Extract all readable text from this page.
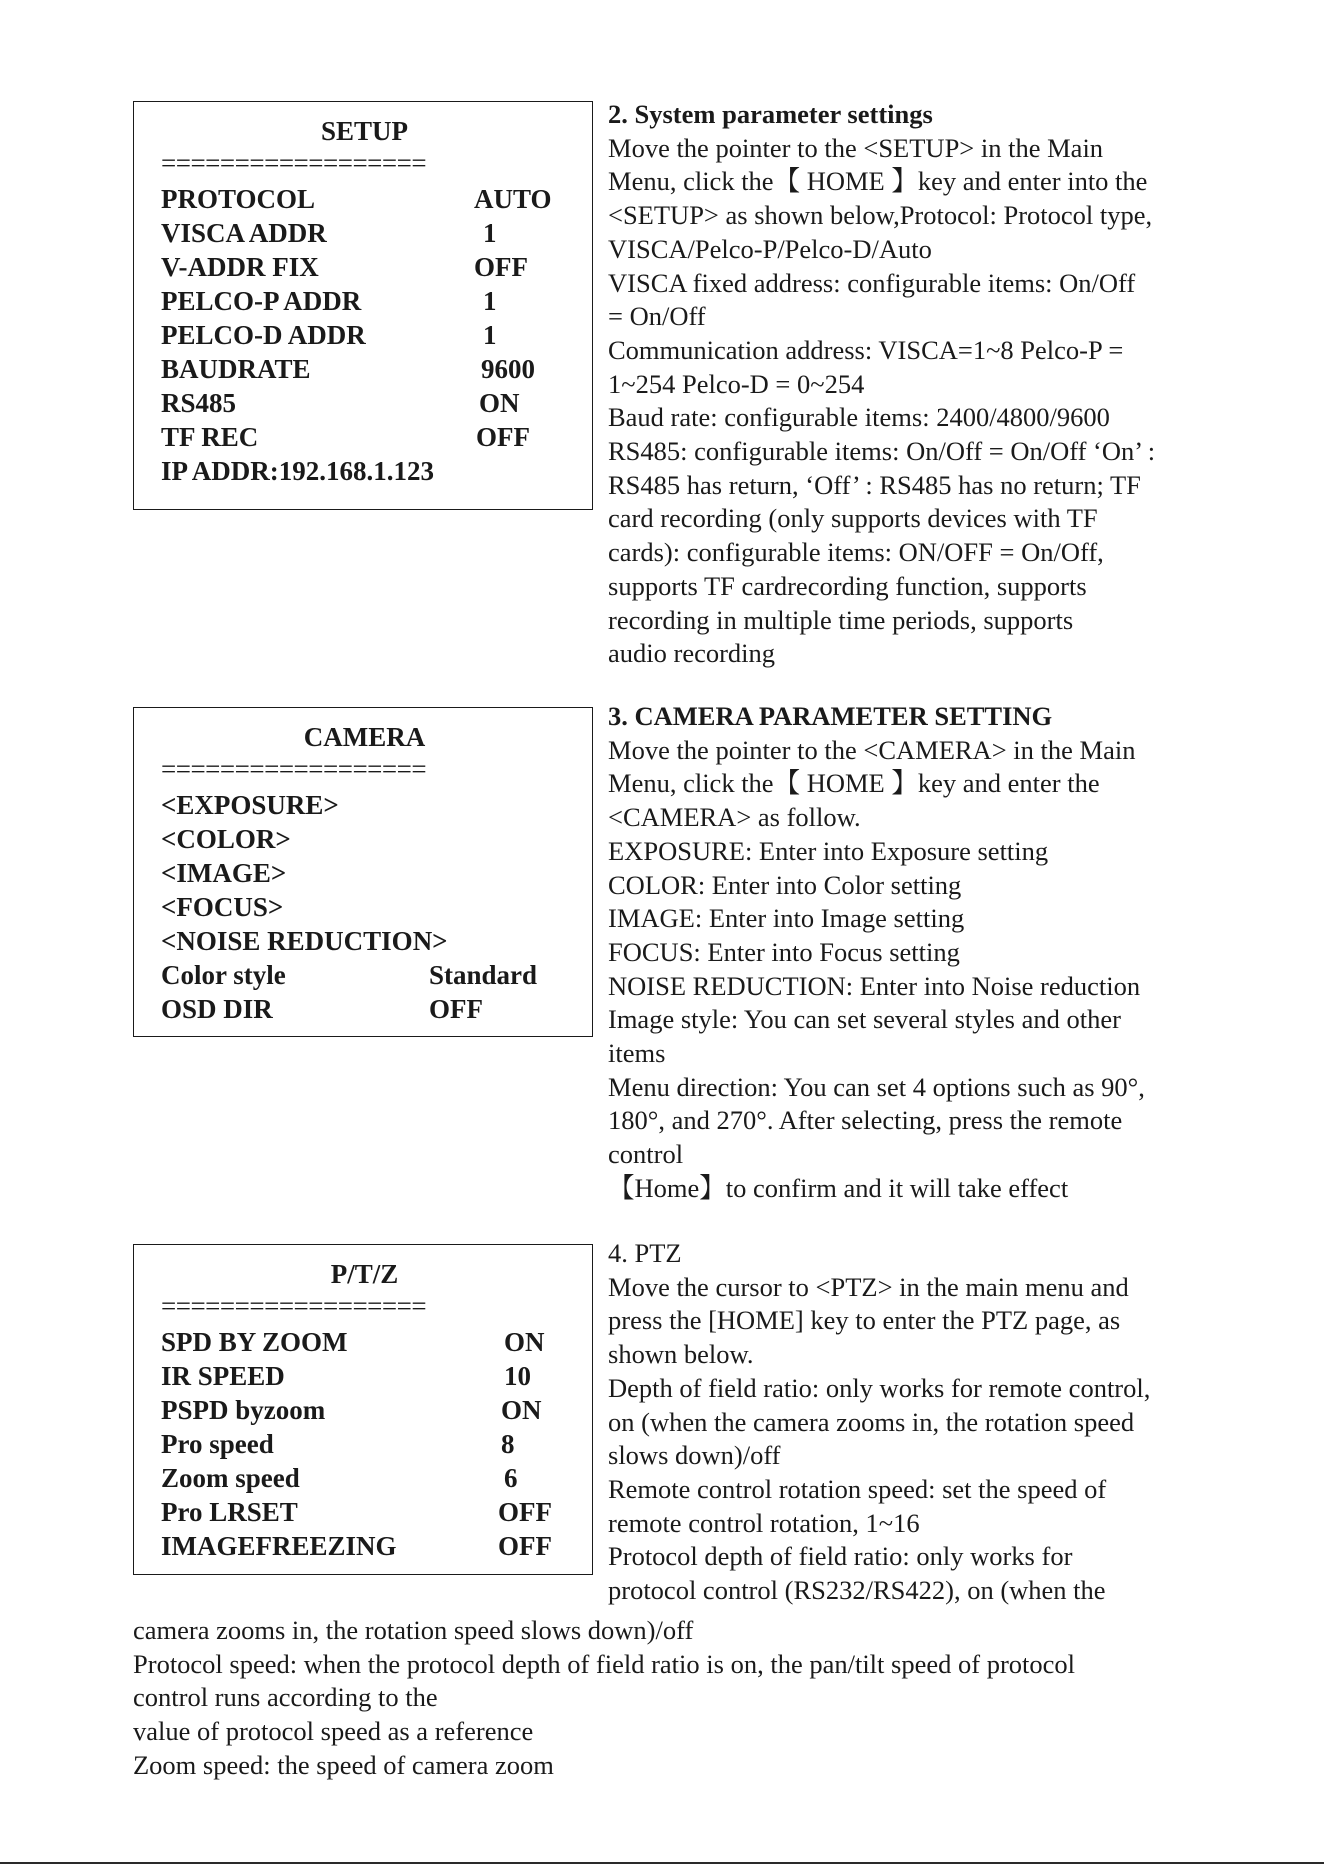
SETUP
==================
PROTOCOL	AUTO
VISCA ADDR	1
V-ADDR FIX	OFF
PELCO-P ADDR	1
PELCO-D ADDR	1
BAUDRATE	9600
RS485	ON
TF REC	OFF
IP ADDR:192.168.1.123
CAMERA
==================
<EXPOSURE>
<COLOR>
<IMAGE>
<FOCUS>
<NOISE REDUCTION>
Color style	Standard
OSD DIR	OFF
P/T/Z
==================
SPD BY ZOOM	ON
IR SPEED	10
PSPD byzoom	ON
Pro speed	8
Zoom speed	6
Pro LRSET	OFF
IMAGEFREEZING	OFF
2. System parameter settings
Move the pointer to the <SETUP> in the Main
Menu, click the【 HOME 】key and enter into the
<SETUP> as shown below,Protocol: Protocol type,
VISCA/Pelco-P/Pelco-D/Auto
VISCA fixed address: configurable items: On/Off
= On/Off
Communication address: VISCA=1~8 Pelco-P =
1~254 Pelco-D = 0~254
Baud rate: configurable items: 2400/4800/9600
RS485: configurable items: On/Off = On/Off ‘On’ :
RS485 has return, ‘Off’ : RS485 has no return; TF
card recording (only supports devices with TF
cards): configurable items: ON/OFF = On/Off,
supports TF cardrecording function, supports
recording in multiple time periods, supports
audio recording
3. CAMERA PARAMETER SETTING
Move the pointer to the <CAMERA> in the Main
Menu, click the【 HOME 】key and enter the
<CAMERA> as follow.
EXPOSURE: Enter into Exposure setting
COLOR: Enter into Color setting
IMAGE: Enter into Image setting
FOCUS: Enter into Focus setting
NOISE REDUCTION: Enter into Noise reduction
Image style: You can set several styles and other
items
Menu direction: You can set 4 options such as 90°,
180°, and 270°. After selecting, press the remote
control
【Home】to confirm and it will take effect
4. PTZ
Move the cursor to <PTZ> in the main menu and
press the [HOME] key to enter the PTZ page, as
shown below.
Depth of field ratio: only works for remote control,
on (when the camera zooms in, the rotation speed
slows down)/off
Remote control rotation speed: set the speed of
remote control rotation, 1~16
Protocol depth of field ratio: only works for
protocol control (RS232/RS422), on (when the
camera zooms in, the rotation speed slows down)/off
Protocol speed: when the protocol depth of field ratio is on, the pan/tilt speed of protocol
control runs according to the
value of protocol speed as a reference
Zoom speed: the speed of camera zoom
